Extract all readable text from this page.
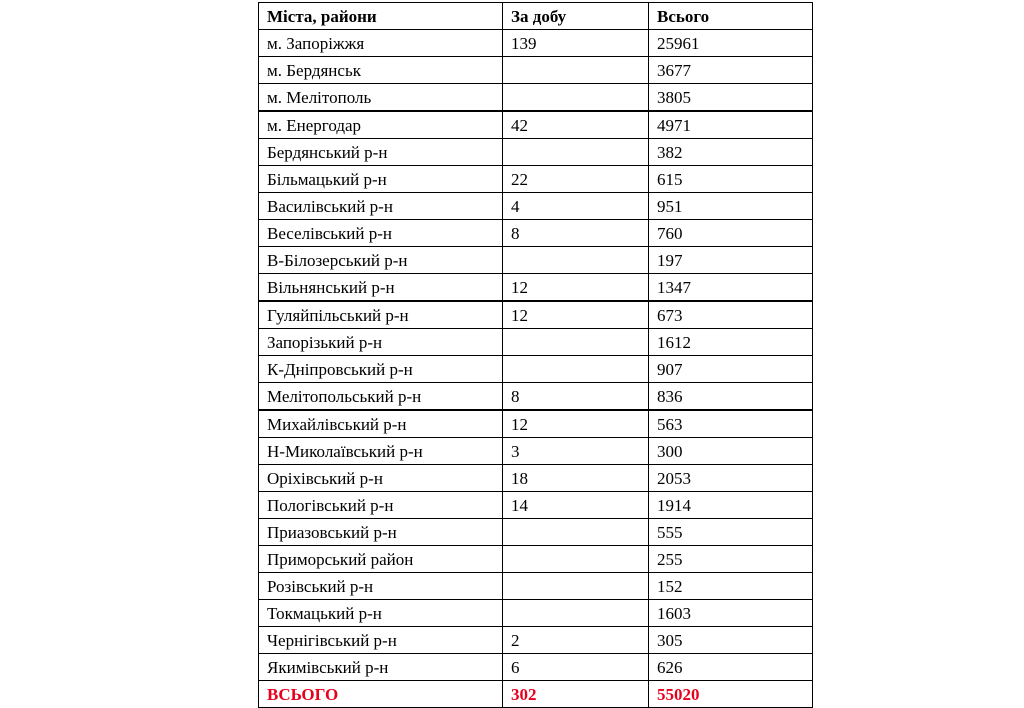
Міста, райони	За добу	Всього
м. Запоріжжя	139	25961
м. Бердянськ		3677
м. Мелітополь		3805
м. Енергодар	42	4971
Бердянський р-н		382
Більмацький р-н	22	615
Василівський р-н	4	951
Веселівський р-н	8	760
В-Білозерський р-н		197
Вільнянський р-н	12	1347
Гуляйпільський р-н	12	673
Запорізький р-н		1612
К-Дніпровський р-н		907
Мелітопольський р-н	8	836
Михайлівський р-н	12	563
Н-Миколаївський р-н	3	300
Оріхівський р-н	18	2053
Пологівський р-н	14	1914
Приазовський р-н		555
Приморський район		255
Розівський р-н		152
Токмацький р-н		1603
Чернігівський р-н	2	305
Якимівський р-н	6	626
ВСЬОГО	302	55020
